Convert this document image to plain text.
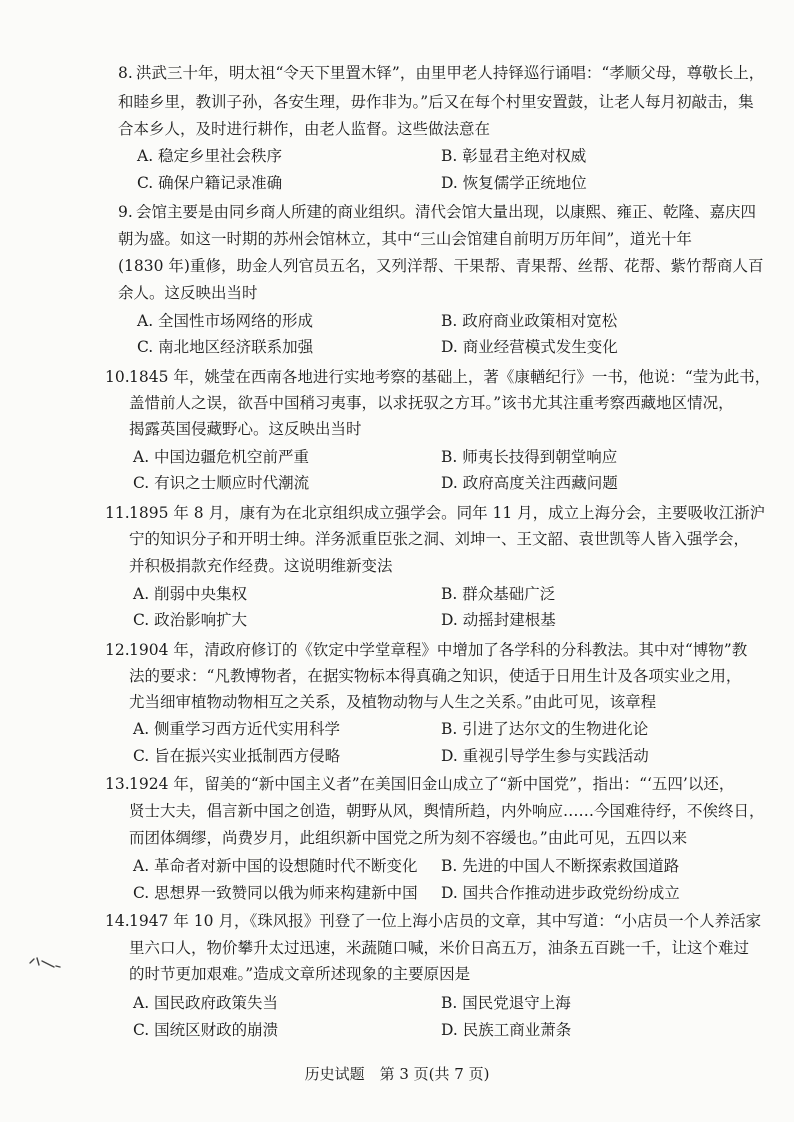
8. 洪武三十年，明太祖“令天下里置木铎”，由里甲老人持铎巡行诵唱：“孝顺父母，尊敬长上，
和睦乡里，教训子孙，各安生理，毋作非为。”后又在每个村里安置鼓，让老人每月初敲击，集
合本乡人，及时进行耕作，由老人监督。这些做法意在
A. 稳定乡里社会秩序	B. 彰显君主绝对权威
C. 确保户籍记录准确	D. 恢复儒学正统地位
9. 会馆主要是由同乡商人所建的商业组织。清代会馆大量出现，以康熙、雍正、乾隆、嘉庆四
朝为盛。如这一时期的苏州会馆林立，其中“三山会馆建自前明万历年间”，道光十年
(1830 年)重修，助金人列官员五名，又列洋帮、干果帮、青果帮、丝帮、花帮、紫竹帮商人百
余人。这反映出当时
A. 全国性市场网络的形成	B. 政府商业政策相对宽松
C. 南北地区经济联系加强	D. 商业经营模式发生变化
10. 1845 年，姚莹在西南各地进行实地考察的基础上，著《康輶纪行》一书，他说：“莹为此书，
盖惜前人之误，欲吾中国稍习夷事，以求抚驭之方耳。”该书尤其注重考察西藏地区情况，
揭露英国侵藏野心。这反映出当时
A. 中国边疆危机空前严重	B. 师夷长技得到朝堂响应
C. 有识之士顺应时代潮流	D. 政府高度关注西藏问题
11. 1895 年 8 月，康有为在北京组织成立强学会。同年 11 月，成立上海分会，主要吸收江浙沪
宁的知识分子和开明士绅。洋务派重臣张之洞、刘坤一、王文韶、袁世凯等人皆入强学会，
并积极捐款充作经费。这说明维新变法
A. 削弱中央集权	B. 群众基础广泛
C. 政治影响扩大	D. 动摇封建根基
12. 1904 年，清政府修订的《钦定中学堂章程》中增加了各学科的分科教法。其中对“博物”教
法的要求：“凡教博物者，在据实物标本得真确之知识，使适于日用生计及各项实业之用，
尤当细审植物动物相互之关系，及植物动物与人生之关系。”由此可见，该章程
A. 侧重学习西方近代实用科学	B. 引进了达尔文的生物进化论
C. 旨在振兴实业抵制西方侵略	D. 重视引导学生参与实践活动
13. 1924 年，留美的“新中国主义者”在美国旧金山成立了“新中国党”，指出：“‘五四’以还，
贤士大夫，倡言新中国之创造，朝野从风，舆情所趋，内外响应……今国难待纾，不俟终日，
而团体绸缪，尚费岁月，此组织新中国党之所为刻不容缓也。”由此可见，五四以来
A. 革命者对新中国的设想随时代不断变化 B. 先进的中国人不断探索救国道路
C. 思想界一致赞同以俄为师来构建新中国 D. 国共合作推动进步政党纷纷成立
14. 1947 年 10 月，《珠风报》刊登了一位上海小店员的文章，其中写道：“小店员一个人养活家
里六口人，物价攀升太过迅速，米蔬随口喊，米价日高五万，油条五百跳一千，让这个难过
的时节更加艰难。”造成文章所述现象的主要原因是
A. 国民政府政策失当	B. 国民党退守上海
C. 国统区财政的崩溃	D. 民族工商业萧条
历史试题　第 3 页(共 7 页)
